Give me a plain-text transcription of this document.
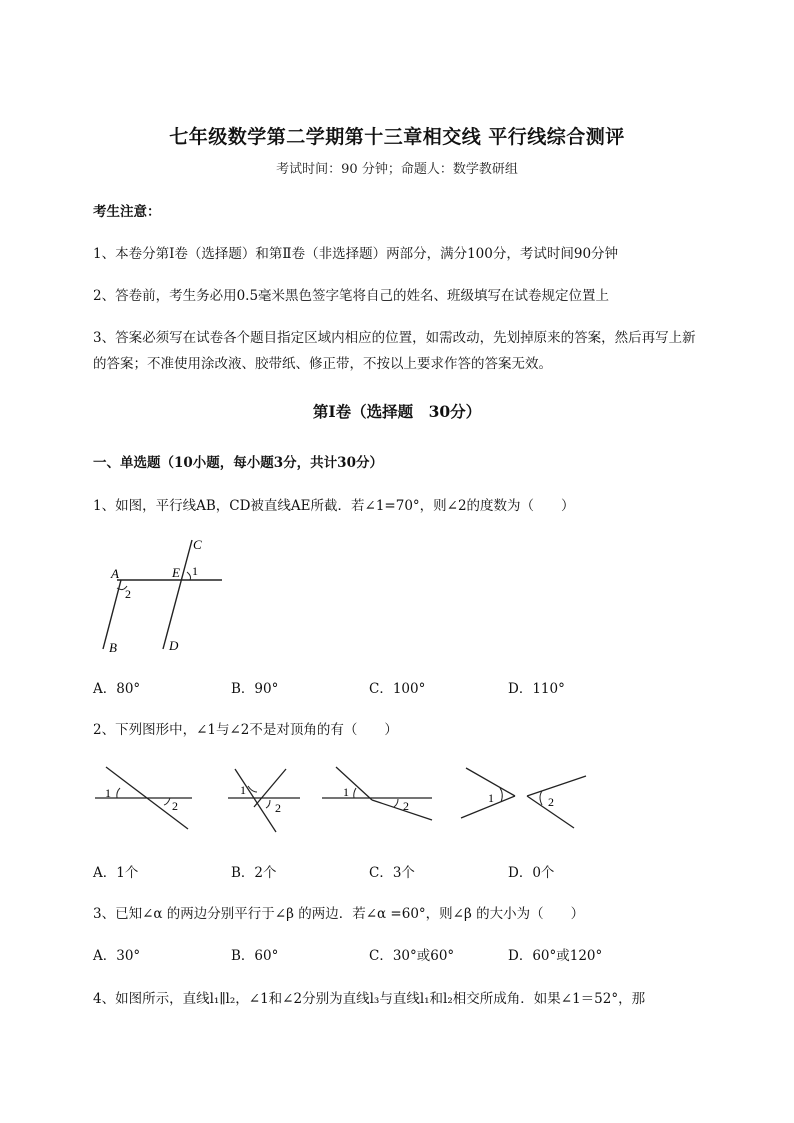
七年级数学第二学期第十三章相交线 平行线综合测评
考试时间：90 分钟；命题人：数学教研组
考生注意：
1、本卷分第Ⅰ卷（选择题）和第Ⅱ卷（非选择题）两部分，满分100分，考试时间90分钟
2、答卷前，考生务必用0.5毫米黑色签字笔将自己的姓名、班级填写在试卷规定位置上
3、答案必须写在试卷各个题目指定区域内相应的位置，如需改动，先划掉原来的答案，然后再写上新
的答案；不准使用涂改液、胶带纸、修正带，不按以上要求作答的答案无效。
第Ⅰ卷（选择题　30分）
一、单选题（10小题，每小题3分，共计30分）
1、如图，平行线AB，CD被直线AE所截．若∠1=70°，则∠2的度数为（　　）
A
B
C
D
E 1
2
A．80°	B．90°	C．100°	D．110°
2、下列图形中，∠1与∠2不是对顶角的有（　　）
1
2
1
2
1
2
1	2
A．1个	B．2个	C．3个	D．0个
3、已知∠α 的两边分别平行于∠β 的两边．若∠α =60°，则∠β 的大小为（　　）
A．30°	B．60°	C．30°或60°	D．60°或120°
4、如图所示，直线l₁∥l₂，∠1和∠2分别为直线l₃与直线l₁和l₂相交所成角．如果∠1＝52°，那
